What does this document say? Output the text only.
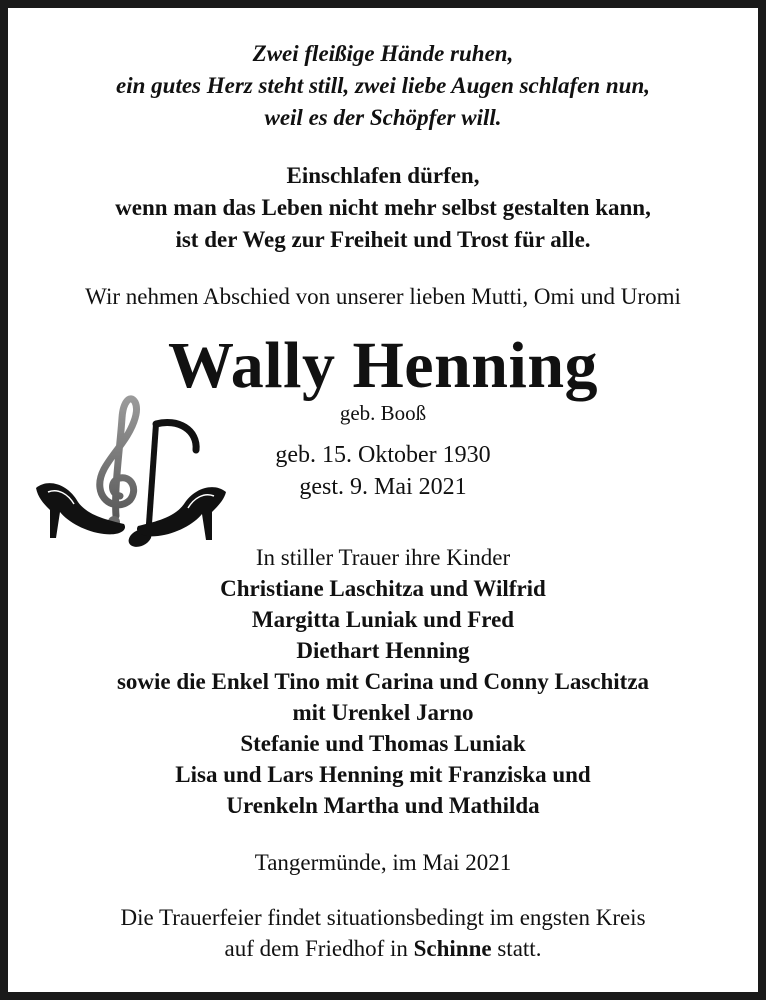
Zwei fleißige Hände ruhen,
ein gutes Herz steht still, zwei liebe Augen schlafen nun,
weil es der Schöpfer will.
Einschlafen dürfen,
wenn man das Leben nicht mehr selbst gestalten kann,
ist der Weg zur Freiheit und Trost für alle.
Wir nehmen Abschied von unserer lieben Mutti, Omi und Uromi
Wally Henning
geb. Booß
geb. 15. Oktober 1930
gest. 9. Mai 2021
In stiller Trauer ihre Kinder
Christiane Laschitza und Wilfrid
Margitta Luniak und Fred
Diethart Henning
sowie die Enkel Tino mit Carina und Conny Laschitza
mit Urenkel Jarno
Stefanie und Thomas Luniak
Lisa und Lars Henning mit Franziska und
Urenkeln Martha und Mathilda
Tangermünde, im Mai 2021
Die Trauerfeier findet situationsbedingt im engsten Kreis
auf dem Friedhof in Schinne statt.
